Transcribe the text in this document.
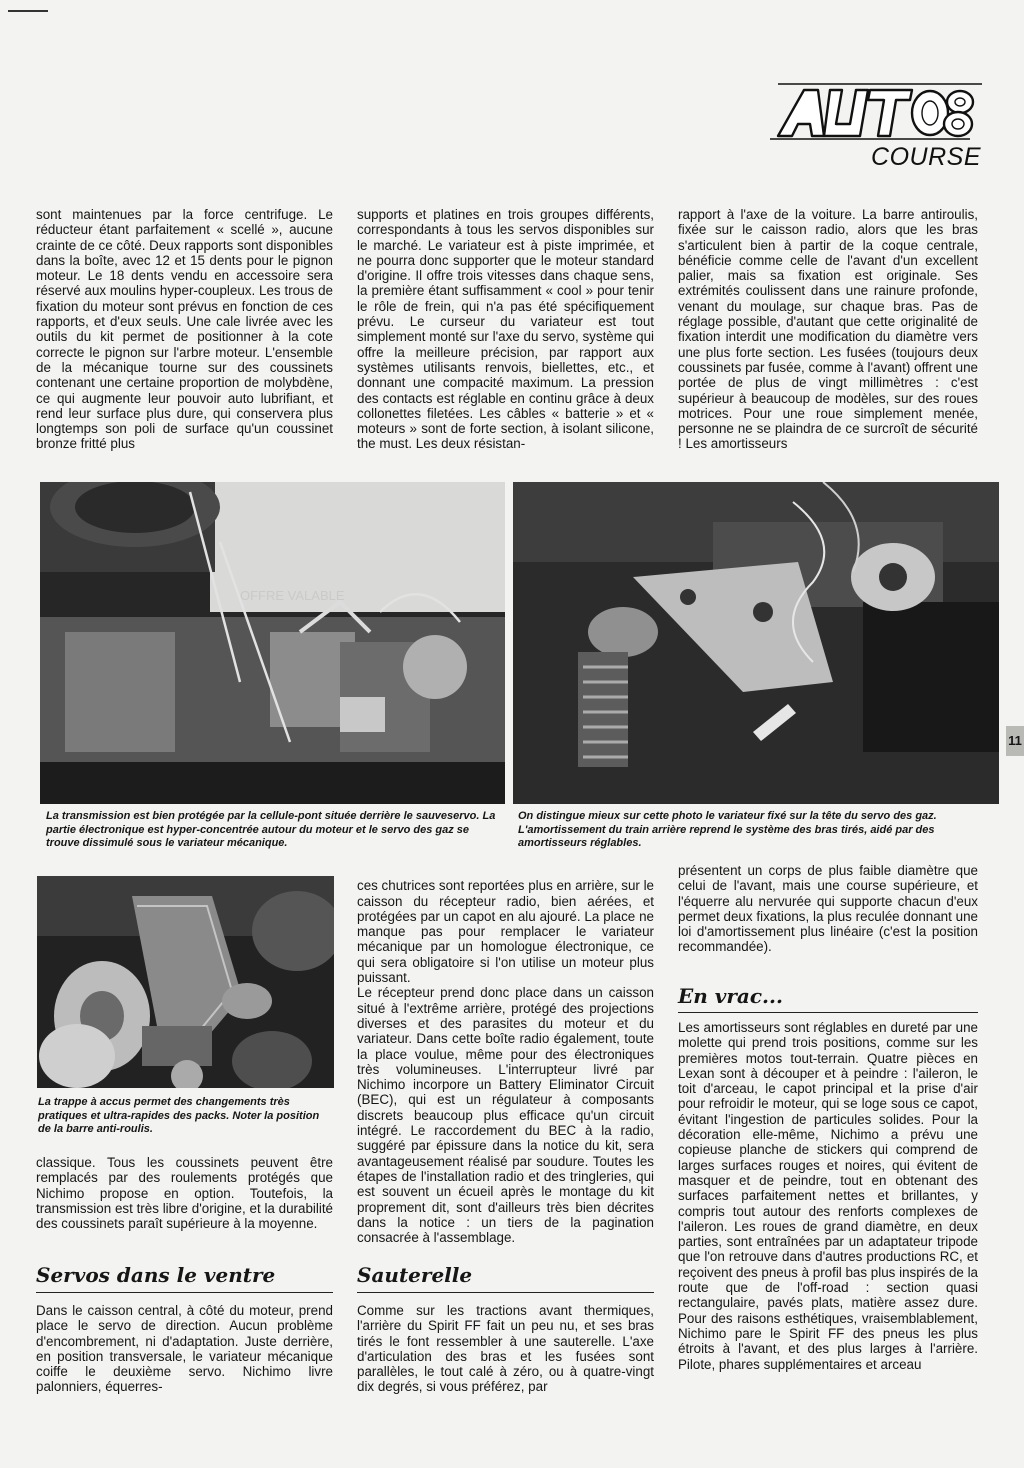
COURSE

sont maintenues par la force centrifuge. Le réducteur étant parfaitement « scellé », aucune crainte de ce côté. Deux rapports sont disponibles dans la boîte, avec 12 et 15 dents pour le pignon moteur. Le 18 dents vendu en accessoire sera réservé aux moulins hyper-coupleux. Les trous de fixation du moteur sont prévus en fonction de ces rapports, et d'eux seuls. Une cale livrée avec les outils du kit permet de positionner à la cote correcte le pignon sur l'arbre moteur. L'ensemble de la mécanique tourne sur des coussinets contenant une certaine proportion de molybdène, ce qui augmente leur pouvoir auto lubrifiant, et rend leur surface plus dure, qui conservera plus longtemps son poli de surface qu'un coussinet bronze fritté plus

supports et platines en trois groupes différents, correspondants à tous les servos disponibles sur le marché. Le variateur est à piste imprimée, et ne pourra donc supporter que le moteur standard d'origine. Il offre trois vitesses dans chaque sens, la première étant suffisamment « cool » pour tenir le rôle de frein, qui n'a pas été spécifiquement prévu. Le curseur du variateur est tout simplement monté sur l'axe du servo, système qui offre la meilleure précision, par rapport aux systèmes utilisants renvois, biellettes, etc., et donnant une compacité maximum. La pression des contacts est réglable en continu grâce à deux collonettes filetées. Les câbles « batterie » et « moteurs » sont de forte section, à isolant silicone, the must. Les deux résistan-

rapport à l'axe de la voiture. La barre antiroulis, fixée sur le caisson radio, alors que les bras s'articulent bien à partir de la coque centrale, bénéficie comme celle de l'avant d'un excellent palier, mais sa fixation est originale. Ses extrémités coulissent dans une rainure profonde, venant du moulage, sur chaque bras. Pas de réglage possible, d'autant que cette originalité de fixation interdit une modification du diamètre vers une plus forte section. Les fusées (toujours deux coussinets par fusée, comme à l'avant) offrent une portée de plus de vingt millimètres : c'est supérieur à beaucoup de modèles, sur des roues motrices. Pour une roue simplement menée, personne ne se plaindra de ce surcroît de sécurité ! Les amortisseurs

OFFRE VALABLE
La transmission est bien protégée par la cellule-pont située derrière le sauveservo. La partie électronique est hyper-concentrée autour du moteur et le servo des gaz se trouve dissimulé sous le variateur mécanique.
On distingue mieux sur cette photo le variateur fixé sur la tête du servo des gaz. L'amortissement du train arrière reprend le système des bras tirés, aidé par des amortisseurs réglables.
11
La trappe à accus permet des changements très pratiques et ultra-rapides des packs. Noter la position de la barre anti-roulis.

classique. Tous les coussinets peuvent être remplacés par des roulements protégés que Nichimo propose en option. Toutefois, la transmission est très libre d'origine, et la durabilité des coussinets paraît supérieure à la moyenne.

Servos dans le ventre

Dans le caisson central, à côté du moteur, prend place le servo de direction. Aucun problème d'encombrement, ni d'adaptation. Juste derrière, en position transversale, le variateur mécanique coiffe le deuxième servo. Nichimo livre palonniers, équerres-

ces chutrices sont reportées plus en arrière, sur le caisson du récepteur radio, bien aérées, et protégées par un capot en alu ajouré. La place ne manque pas pour remplacer le variateur mécanique par un homologue électronique, ce qui sera obligatoire si l'on utilise un moteur plus puissant.
Le récepteur prend donc place dans un caisson situé à l'extrême arrière, protégé des projections diverses et des parasites du moteur et du variateur. Dans cette boîte radio également, toute la place voulue, même pour des électroniques très volumineuses. L'interrupteur livré par Nichimo incorpore un Battery Eliminator Circuit (BEC), qui est un régulateur à composants discrets beaucoup plus efficace qu'un circuit intégré. Le raccordement du BEC à la radio, suggéré par épissure dans la notice du kit, sera avantageusement réalisé par soudure. Toutes les étapes de l'installation radio et des tringleries, qui est souvent un écueil après le montage du kit proprement dit, sont d'ailleurs très bien décrites dans la notice : un tiers de la pagination consacrée à l'assemblage.

Sauterelle

Comme sur les tractions avant thermiques, l'arrière du Spirit FF fait un peu nu, et ses bras tirés le font ressembler à une sauterelle. L'axe d'articulation des bras et les fusées sont parallèles, le tout calé à zéro, ou à quatre-vingt dix degrés, si vous préférez, par

présentent un corps de plus faible diamètre que celui de l'avant, mais une course supérieure, et l'équerre alu nervurée qui supporte chacun d'eux permet deux fixations, la plus reculée donnant une loi d'amortissement plus linéaire (c'est la position recommandée).

En vrac...

Les amortisseurs sont réglables en dureté par une molette qui prend trois positions, comme sur les premières motos tout-terrain. Quatre pièces en Lexan sont à découper et à peindre : l'aileron, le toit d'arceau, le capot principal et la prise d'air pour refroidir le moteur, qui se loge sous ce capot, évitant l'ingestion de particules solides. Pour la décoration elle-même, Nichimo a prévu une copieuse planche de stickers qui comprend de larges surfaces rouges et noires, qui évitent de masquer et de peindre, tout en obtenant des surfaces parfaitement nettes et brillantes, y compris tout autour des renforts complexes de l'aileron. Les roues de grand diamètre, en deux parties, sont entraînées par un adaptateur tripode que l'on retrouve dans d'autres productions RC, et reçoivent des pneus à profil bas plus inspirés de la route que de l'off-road : section quasi rectangulaire, pavés plats, matière assez dure. Pour des raisons esthétiques, vraisemblablement, Nichimo pare le Spirit FF des pneus les plus étroits à l'avant, et des plus larges à l'arrière. Pilote, phares supplémentaires et arceau
